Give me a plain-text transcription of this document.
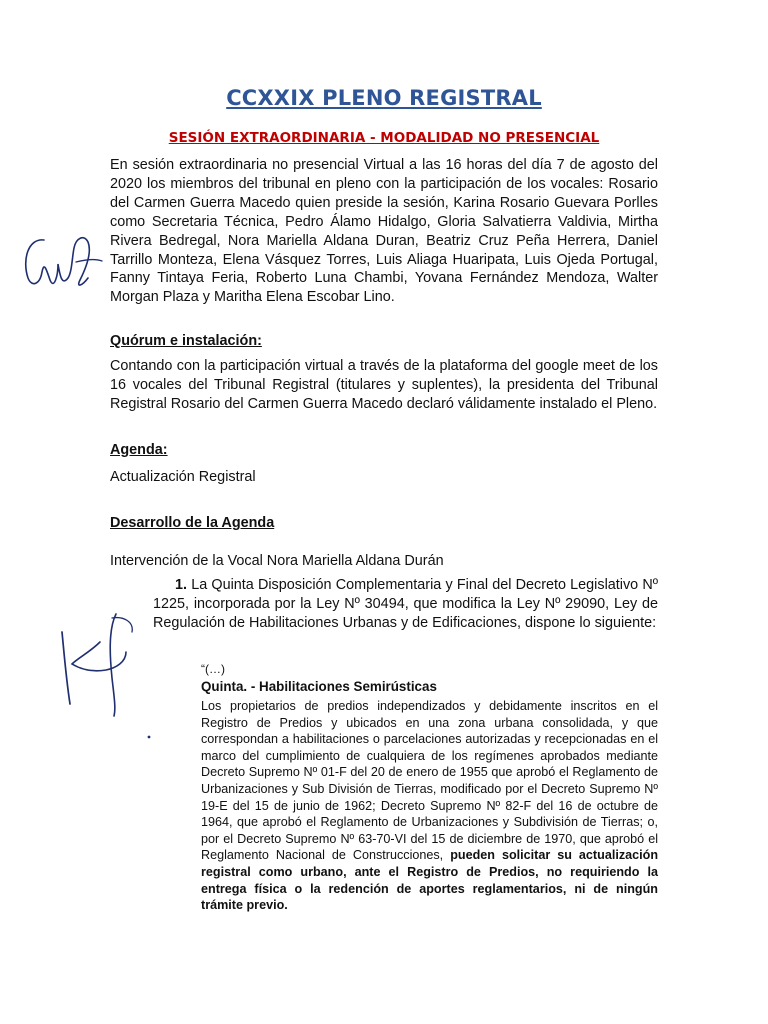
CCXXIX PLENO REGISTRAL
SESIÓN EXTRAORDINARIA - MODALIDAD NO PRESENCIAL
En sesión extraordinaria no presencial Virtual a las 16 horas del día 7 de agosto del 2020 los miembros del tribunal en pleno con la participación de los vocales: Rosario del Carmen Guerra Macedo quien preside la sesión, Karina Rosario Guevara Porlles como Secretaria Técnica, Pedro Álamo Hidalgo, Gloria Salvatierra Valdivia, Mirtha Rivera Bedregal, Nora Mariella Aldana Duran, Beatriz Cruz Peña Herrera, Daniel Tarrillo Monteza, Elena Vásquez Torres, Luis Aliaga Huaripata, Luis Ojeda Portugal, Fanny Tintaya Feria, Roberto Luna Chambi, Yovana Fernández Mendoza, Walter Morgan Plaza y Maritha Elena Escobar Lino.
Quórum e instalación:
Contando con la participación virtual a través de la plataforma del google meet de los 16 vocales del Tribunal Registral (titulares y suplentes), la presidenta del Tribunal Registral Rosario del Carmen Guerra Macedo declaró válidamente instalado el Pleno.
Agenda:
Actualización Registral
Desarrollo de la Agenda
Intervención de la Vocal Nora Mariella Aldana Durán
1. La Quinta Disposición Complementaria y Final del Decreto Legislativo Nº 1225, incorporada por la Ley Nº 30494, que modifica la Ley Nº 29090, Ley de Regulación de Habilitaciones Urbanas y de Edificaciones, dispone lo siguiente:
“(…)
Quinta. - Habilitaciones Semirústicas
Los propietarios de predios independizados y debidamente inscritos en el Registro de Predios y ubicados en una zona urbana consolidada, y que correspondan a habilitaciones o parcelaciones autorizadas y recepcionadas en el marco del cumplimiento de cualquiera de los regímenes aprobados mediante Decreto Supremo Nº 01-F del 20 de enero de 1955 que aprobó el Reglamento de Urbanizaciones y Sub División de Tierras, modificado por el Decreto Supremo Nº 19-E del 15 de junio de 1962; Decreto Supremo Nº 82-F del 16 de octubre de 1964, que aprobó el Reglamento de Urbanizaciones y Subdivisión de Tierras; o, por el Decreto Supremo Nº 63-70-VI del 15 de diciembre de 1970, que aprobó el Reglamento Nacional de Construcciones, pueden solicitar su actualización registral como urbano, ante el Registro de Predios, no requiriendo la entrega física o la redención de aportes reglamentarios, ni de ningún trámite previo.
